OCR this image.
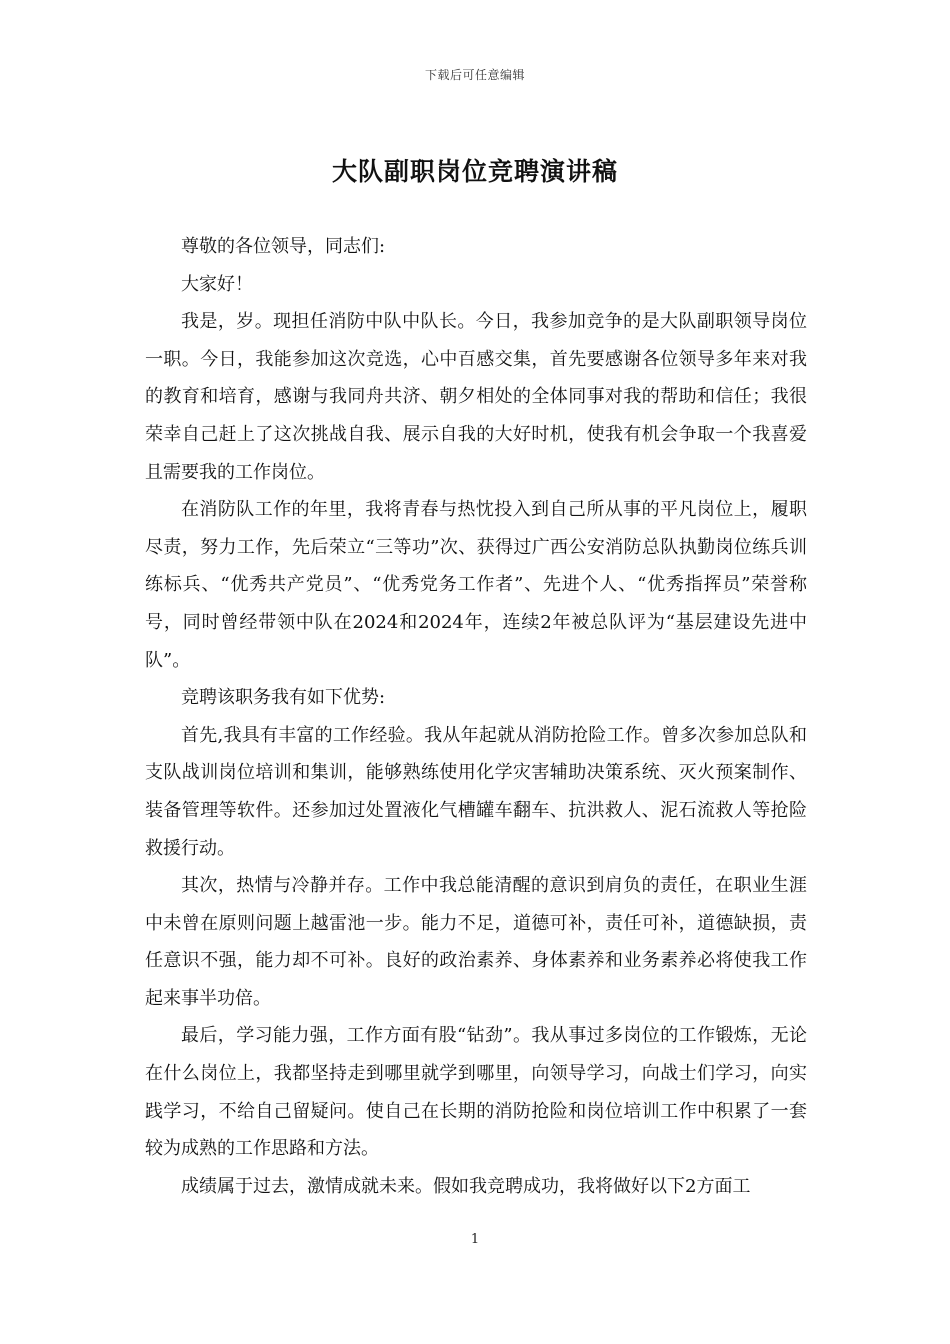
下载后可任意编辑
大队副职岗位竞聘演讲稿

尊敬的各位领导，同志们:

大家好！

我是，岁。现担任消防中队中队长。今日，我参加竞争的是大队副职领导岗位一职。今日，我能参加这次竞选，心中百感交集，首先要感谢各位领导多年来对我的教育和培育，感谢与我同舟共济、朝夕相处的全体同事对我的帮助和信任；我很荣幸自己赶上了这次挑战自我、展示自我的大好时机，使我有机会争取一个我喜爱且需要我的工作岗位。

在消防队工作的年里，我将青春与热忱投入到自己所从事的平凡岗位上，履职尽责，努力工作，先后荣立“三等功”次、获得过广西公安消防总队执勤岗位练兵训练标兵、“优秀共产党员”、“优秀党务工作者”、先进个人、“优秀指挥员”荣誉称号，同时曾经带领中队在2024和2024年，连续2年被总队评为“基层建设先进中队”。

竞聘该职务我有如下优势:

首先,我具有丰富的工作经验。我从年起就从消防抢险工作。曾多次参加总队和支队战训岗位培训和集训，能够熟练使用化学灾害辅助决策系统、灭火预案制作、装备管理等软件。还参加过处置液化气槽罐车翻车、抗洪救人、泥石流救人等抢险救援行动。

其次，热情与冷静并存。工作中我总能清醒的意识到肩负的责任，在职业生涯中未曾在原则问题上越雷池一步。能力不足，道德可补，责任可补，道德缺损，责任意识不强，能力却不可补。良好的政治素养、身体素养和业务素养必将使我工作起来事半功倍。

最后，学习能力强，工作方面有股“钻劲”。我从事过多岗位的工作锻炼，无论在什么岗位上，我都坚持走到哪里就学到哪里，向领导学习，向战士们学习，向实践学习，不给自己留疑问。使自己在长期的消防抢险和岗位培训工作中积累了一套较为成熟的工作思路和方法。

成绩属于过去，激情成就未来。假如我竞聘成功，我将做好以下2方面工

1
